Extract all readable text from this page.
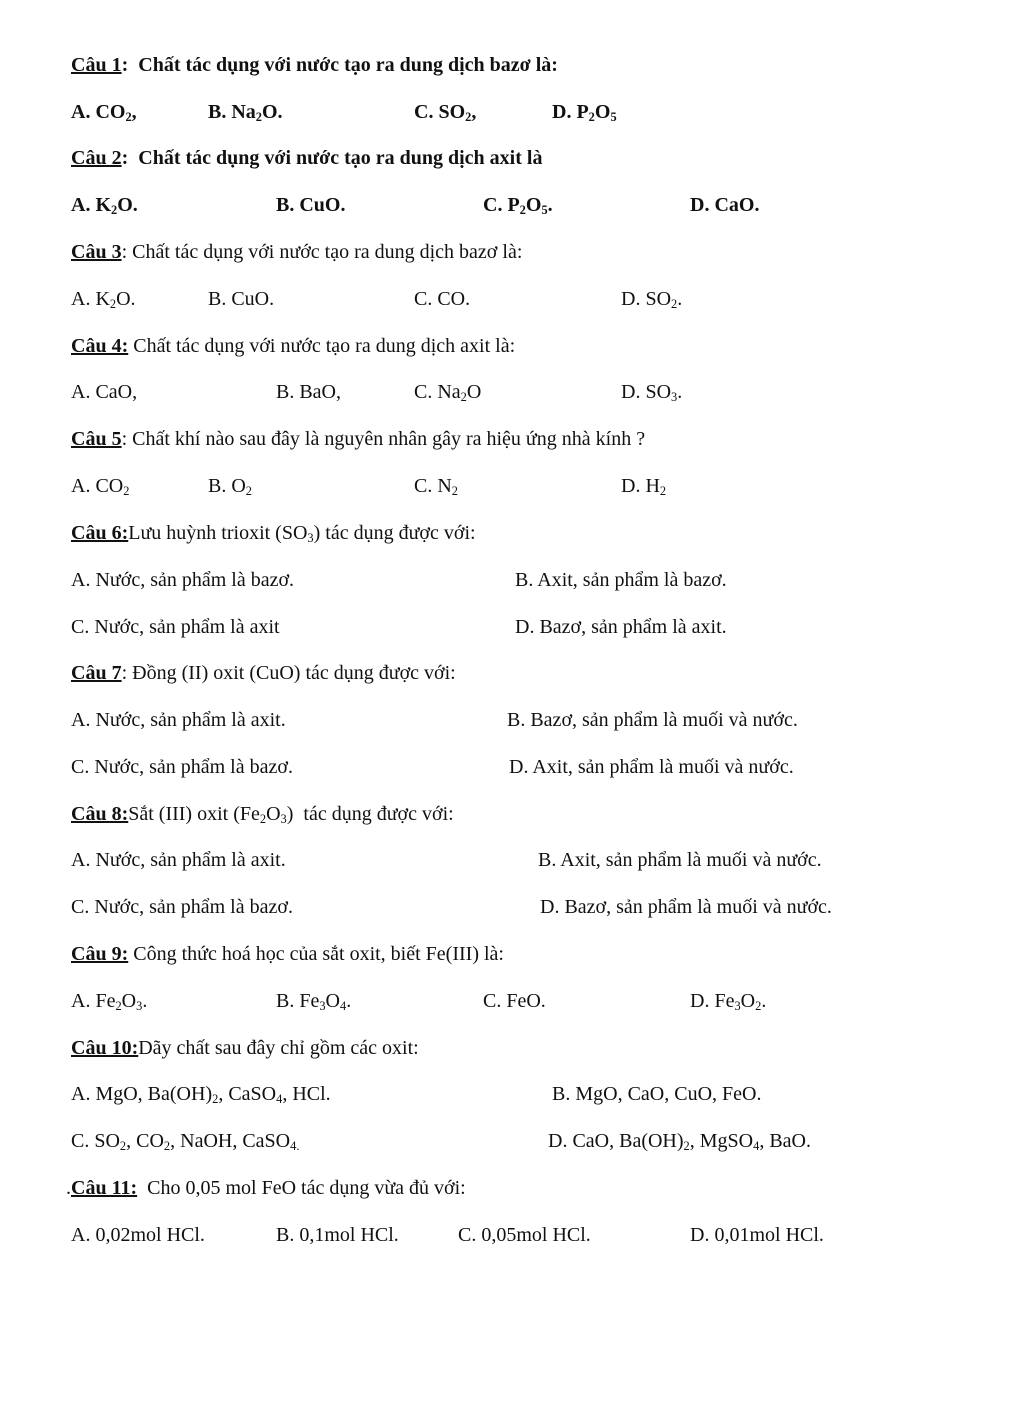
Câu 1:  Chất tác dụng với nước tạo ra dung dịch bazơ là:
A. $CO_2$,	B. $Na_2O$.	C. $SO_2$,	D. $P_2O_5$
Câu 2:  Chất tác dụng với nước tạo ra dung dịch axit là
A. $K_2O$.	B. CuO.	C. $P_2O_5$.	D. CaO.
Câu 3: Chất tác dụng với nước tạo ra dung dịch bazơ là:
A. $K_2O$.	B. CuO.	C. CO.	D. $SO_2$.
Câu 4: Chất tác dụng với nước tạo ra dung dịch axit là:
A. CaO,	B. BaO,	C. $Na_2O$	D. $SO_3$.
Câu 5: Chất khí nào sau đây là nguyên nhân gây ra hiệu ứng nhà kính ?
A. $CO_2$	B. $O_2$	C. $N_2$	D. $H_2$
Câu 6:Lưu huỳnh trioxit $(SO_3)$ tác dụng được với:
A. Nước, sản phẩm là bazơ.	B. Axit, sản phẩm là bazơ.
C. Nước, sản phẩm là axit	D. Bazơ, sản phẩm là axit.
Câu 7: Đồng (II) oxit (CuO) tác dụng được với:
A. Nước, sản phẩm là axit.	B. Bazơ, sản phẩm là muối và nước.
C. Nước, sản phẩm là bazơ.	D. Axit, sản phẩm là muối và nước.
Câu 8:Sắt (III) oxit $(Fe_2O_3)$  tác dụng được với:
A. Nước, sản phẩm là axit.	B. Axit, sản phẩm là muối và nước.
C. Nước, sản phẩm là bazơ.	D. Bazơ, sản phẩm là muối và nước.
Câu 9: Công thức hoá học của sắt oxit, biết Fe(III) là:
A. $Fe_2O_3$.	B. $Fe_3O_4$.	C. FeO.	D. $Fe_3O_2$.
Câu 10:Dãy chất sau đây chỉ gồm các oxit:
A. MgO, $Ba(OH)_2$, CaSO$_4$, HCl.	B. MgO, CaO, CuO, FeO.
C. $SO_2$, $CO_2$, NaOH, CaSO$_{4.}$	D. CaO, $Ba(OH)_2$, MgSO$_4$, BaO.
.Câu 11: Cho 0,05 mol FeO tác dụng vừa đủ với:
A. 0,02mol HCl.	B. 0,1mol HCl.	C. 0,05mol HCl.	D. 0,01mol HCl.
